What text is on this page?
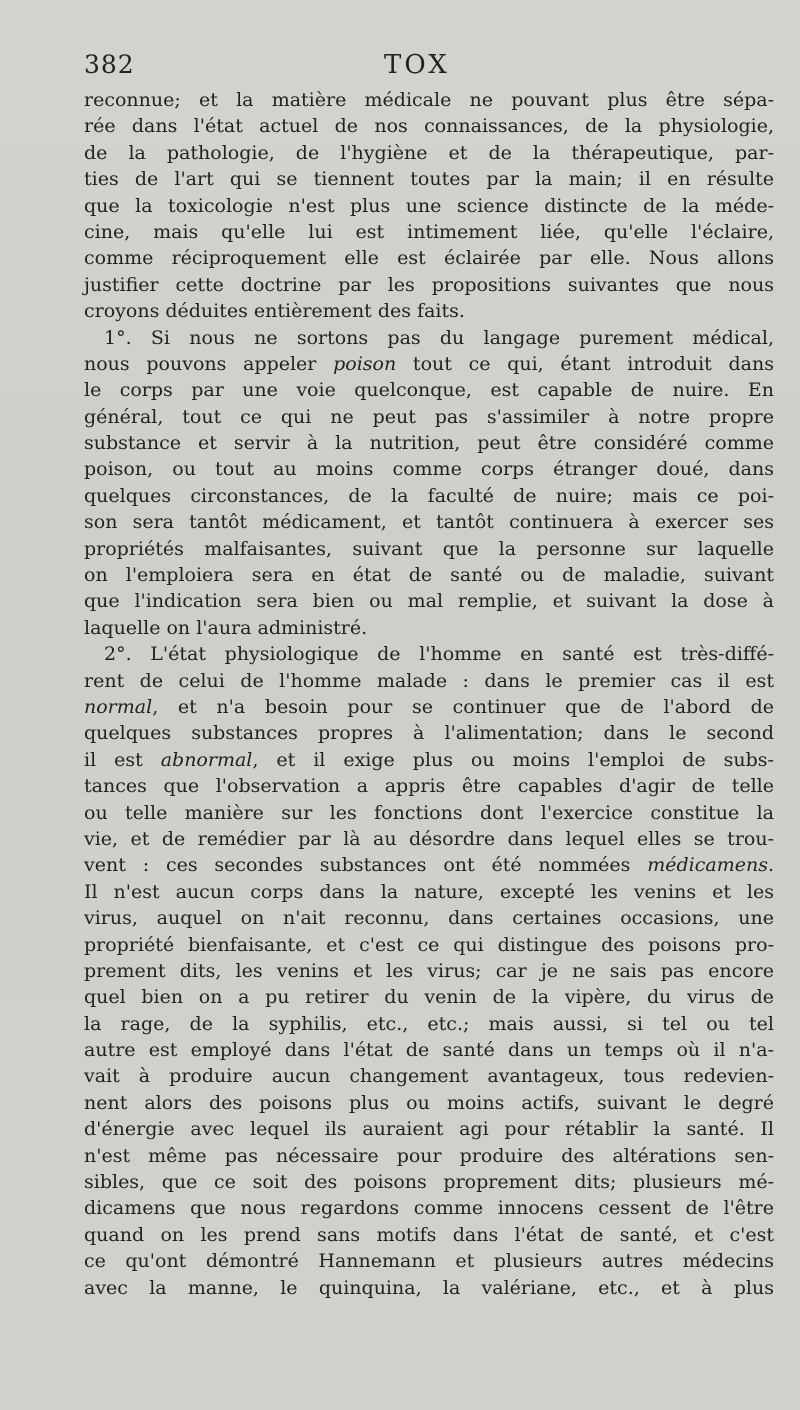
382	TOX
reconnue; et la matière médicale ne pouvant plus être sépa-
rée dans l'état actuel de nos connaissances, de la physiologie,
de la pathologie, de l'hygiène et de la thérapeutique, par-
ties de l'art qui se tiennent toutes par la main; il en résulte
que la toxicologie n'est plus une science distincte de la méde-
cine, mais qu'elle lui est intimement liée, qu'elle l'éclaire,
comme réciproquement elle est éclairée par elle. Nous allons
justifier cette doctrine par les propositions suivantes que nous
croyons déduites entièrement des faits.
1°. Si nous ne sortons pas du langage purement médical,
nous pouvons appeler poison tout ce qui, étant introduit dans
le corps par une voie quelconque, est capable de nuire. En
général, tout ce qui ne peut pas s'assimiler à notre propre
substance et servir à la nutrition, peut être considéré comme
poison, ou tout au moins comme corps étranger doué, dans
quelques circonstances, de la faculté de nuire; mais ce poi-
son sera tantôt médicament, et tantôt continuera à exercer ses
propriétés malfaisantes, suivant que la personne sur laquelle
on l'emploiera sera en état de santé ou de maladie, suivant
que l'indication sera bien ou mal remplie, et suivant la dose à
laquelle on l'aura administré.
2°. L'état physiologique de l'homme en santé est très-diffé-
rent de celui de l'homme malade : dans le premier cas il est
normal, et n'a besoin pour se continuer que de l'abord de
quelques substances propres à l'alimentation; dans le second
il est abnormal, et il exige plus ou moins l'emploi de subs-
tances que l'observation a appris être capables d'agir de telle
ou telle manière sur les fonctions dont l'exercice constitue la
vie, et de remédier par là au désordre dans lequel elles se trou-
vent : ces secondes substances ont été nommées médicamens.
Il n'est aucun corps dans la nature, excepté les venins et les
virus, auquel on n'ait reconnu, dans certaines occasions, une
propriété bienfaisante, et c'est ce qui distingue des poisons pro-
prement dits, les venins et les virus; car je ne sais pas encore
quel bien on a pu retirer du venin de la vipère, du virus de
la rage, de la syphilis, etc., etc.; mais aussi, si tel ou tel
autre est employé dans l'état de santé dans un temps où il n'a-
vait à produire aucun changement avantageux, tous redevien-
nent alors des poisons plus ou moins actifs, suivant le degré
d'énergie avec lequel ils auraient agi pour rétablir la santé. Il
n'est même pas nécessaire pour produire des altérations sen-
sibles, que ce soit des poisons proprement dits; plusieurs mé-
dicamens que nous regardons comme innocens cessent de l'être
quand on les prend sans motifs dans l'état de santé, et c'est
ce qu'ont démontré Hannemann et plusieurs autres médecins
avec la manne, le quinquina, la valériane, etc., et à plus
